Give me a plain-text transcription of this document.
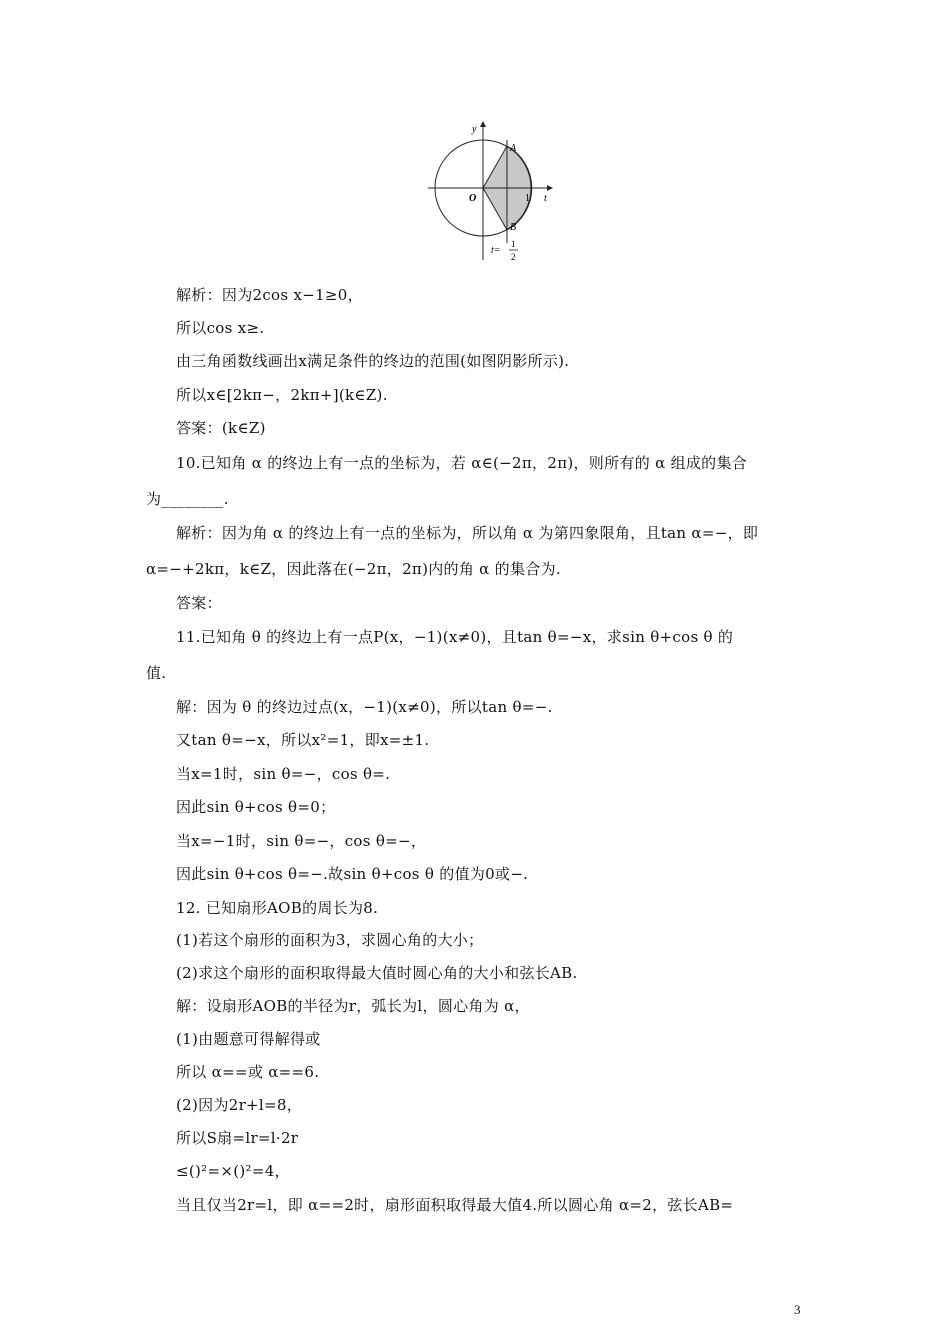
y
A
B
O	1 t
t=
1
2
解析：因为2cos x−1≥0，
所以cos x≥.
由三角函数线画出x满足条件的终边的范围(如图阴影所示).
所以x∈[2kπ−，2kπ+](k∈Z).
答案：(k∈Z)
10.已知角 α 的终边上有一点的坐标为，若 α∈(−2π，2π)，则所有的 α 组成的集合
为________.
解析：因为角 α 的终边上有一点的坐标为，所以角 α 为第四象限角，且tan α=−，即
α=−+2kπ，k∈Z，因此落在(−2π，2π)内的角 α 的集合为.
答案：
11.已知角 θ 的终边上有一点P(x，−1)(x≠0)，且tan θ=−x，求sin θ+cos θ 的
值.
解：因为 θ 的终边过点(x，−1)(x≠0)，所以tan θ=−.
又tan θ=−x，所以x²=1，即x=±1.
当x=1时，sin θ=−，cos θ=.
因此sin θ+cos θ=0；
当x=−1时，sin θ=−，cos θ=−，
因此sin θ+cos θ=−.故sin θ+cos θ 的值为0或−.
12. 已知扇形AOB的周长为8.
(1)若这个扇形的面积为3，求圆心角的大小；
(2)求这个扇形的面积取得最大值时圆心角的大小和弦长AB.
解：设扇形AOB的半径为r，弧长为l，圆心角为 α，
(1)由题意可得解得或
所以 α==或 α==6.
(2)因为2r+l=8，
所以S扇=lr=l·2r
≤()²=×()²=4，
当且仅当2r=l，即 α==2时，扇形面积取得最大值4.所以圆心角 α=2，弦长AB=
3
